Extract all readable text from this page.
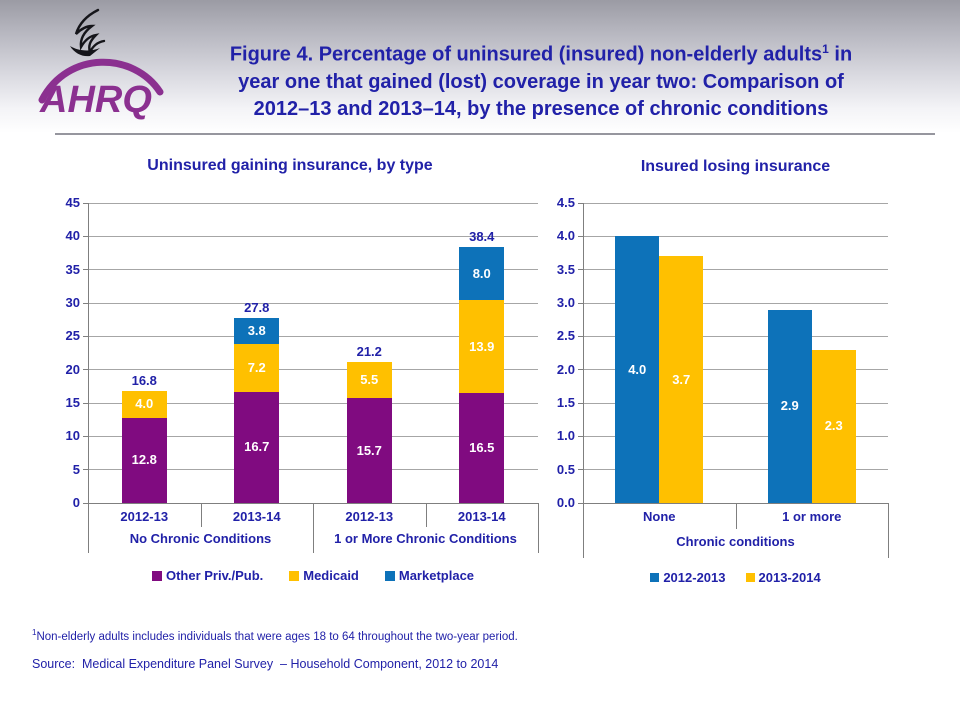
AHRQ
Figure 4. Percentage of uninsured (insured) non-elderly adults$^1$ in
year one that gained (lost) coverage in year two: Comparison of
2012–13 and 2013–14, by the presence of chronic conditions
Uninsured gaining insurance, by type	Insured losing insurance
0
5
10
15
20
25
30
35
40
45
12.8
4.0
16.8
2012-13
16.7
7.2
3.8
27.8
2013-14
15.7
5.5
21.2
2012-13
16.5
13.9
8.0
38.4
2013-14
No Chronic Conditions	1 or More Chronic Conditions
Other Priv./Pub.	Medicaid	Marketplace
0.0
0.5
1.0
1.5
2.0
2.5
3.0
3.5
4.0
4.5
4.0
3.7
None
2.9
2.3
1 or more
Chronic conditions
2012-2013	2013-2014
$^1$Non-elderly adults includes individuals that were ages 18 to 64 throughout the two-year period.
Source:  Medical Expenditure Panel Survey  – Household Component, 2012 to 2014
